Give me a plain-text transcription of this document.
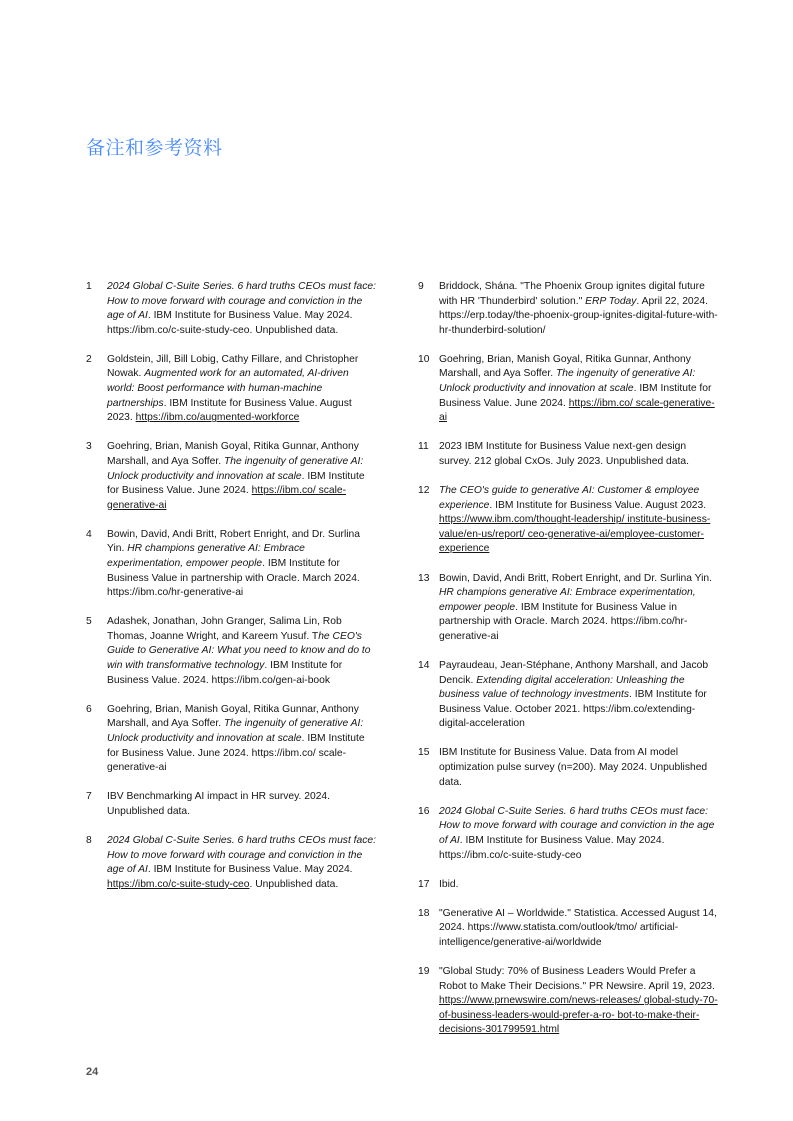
备注和参考资料
1	2024 Global C-Suite Series. 6 hard truths CEOs must face: How to move forward with courage and conviction in the age of AI. IBM Institute for Business Value. May 2024. https://ibm.co/c-suite-study-ceo. Unpublished data.
2	Goldstein, Jill, Bill Lobig, Cathy Fillare, and Christopher Nowak. Augmented work for an automated, AI-driven world: Boost performance with human-machine partnerships. IBM Institute for Business Value. August 2023. https://ibm.co/augmented-workforce
3	Goehring, Brian, Manish Goyal, Ritika Gunnar, Anthony Marshall, and Aya Soffer. The ingenuity of generative AI: Unlock productivity and innovation at scale. IBM Institute for Business Value. June 2024. https://ibm.co/ scale-generative-ai
4	Bowin, David, Andi Britt, Robert Enright, and Dr. Surlina Yin. HR champions generative AI: Embrace experimentation, empower people. IBM Institute for Business Value in partnership with Oracle. March 2024. https://ibm.co/hr-generative-ai
5	Adashek, Jonathan, John Granger, Salima Lin, Rob Thomas, Joanne Wright, and Kareem Yusuf. The CEO's Guide to Generative AI: What you need to know and do to win with transformative technology. IBM Institute for Business Value. 2024. https://ibm.co/gen-ai-book
6	Goehring, Brian, Manish Goyal, Ritika Gunnar, Anthony Marshall, and Aya Soffer. The ingenuity of generative AI: Unlock productivity and innovation at scale. IBM Institute for Business Value. June 2024. https://ibm.co/ scale-generative-ai
7	IBV Benchmarking AI impact in HR survey. 2024. Unpublished data.
8	2024 Global C-Suite Series. 6 hard truths CEOs must face: How to move forward with courage and conviction in the age of AI. IBM Institute for Business Value. May 2024. https://ibm.co/c-suite-study-ceo. Unpublished data.
9	Briddock, Shána. "The Phoenix Group ignites digital future with HR 'Thunderbird' solution." ERP Today. April 22, 2024. https://erp.today/the-phoenix-group-ignites-digital-future-with-hr-thunderbird-solution/
10 Goehring, Brian, Manish Goyal, Ritika Gunnar, Anthony Marshall, and Aya Soffer. The ingenuity of generative AI: Unlock productivity and innovation at scale. IBM Institute for Business Value. June 2024. https://ibm.co/ scale-generative-ai
11 2023 IBM Institute for Business Value next-gen design survey. 212 global CxOs. July 2023. Unpublished data.
12 The CEO's guide to generative AI: Customer & employee experience. IBM Institute for Business Value. August 2023. https://www.ibm.com/thought-leadership/ institute-business-value/en-us/report/ ceo-generative-ai/employee-customer-experience
13 Bowin, David, Andi Britt, Robert Enright, and Dr. Surlina Yin. HR champions generative AI: Embrace experimentation, empower people. IBM Institute for Business Value in partnership with Oracle. March 2024. https://ibm.co/hr-generative-ai
14 Payraudeau, Jean-Stéphane, Anthony Marshall, and Jacob Dencik. Extending digital acceleration: Unleashing the business value of technology investments. IBM Institute for Business Value. October 2021. https://ibm.co/extending-digital-acceleration
15 IBM Institute for Business Value. Data from AI model optimization pulse survey (n=200). May 2024. Unpublished data.
16 2024 Global C-Suite Series. 6 hard truths CEOs must face: How to move forward with courage and conviction in the age of AI. IBM Institute for Business Value. May 2024. https://ibm.co/c-suite-study-ceo
17 Ibid.
18 "Generative AI – Worldwide." Statistica. Accessed August 14, 2024. https://www.statista.com/outlook/tmo/ artificial-intelligence/generative-ai/worldwide
19 "Global Study: 70% of Business Leaders Would Prefer a Robot to Make Their Decisions." PR Newsire. April 19, 2023. https://www.prnewswire.com/news-releases/ global-study-70-of-business-leaders-would-prefer-a-ro- bot-to-make-their-decisions-301799591.html
24
